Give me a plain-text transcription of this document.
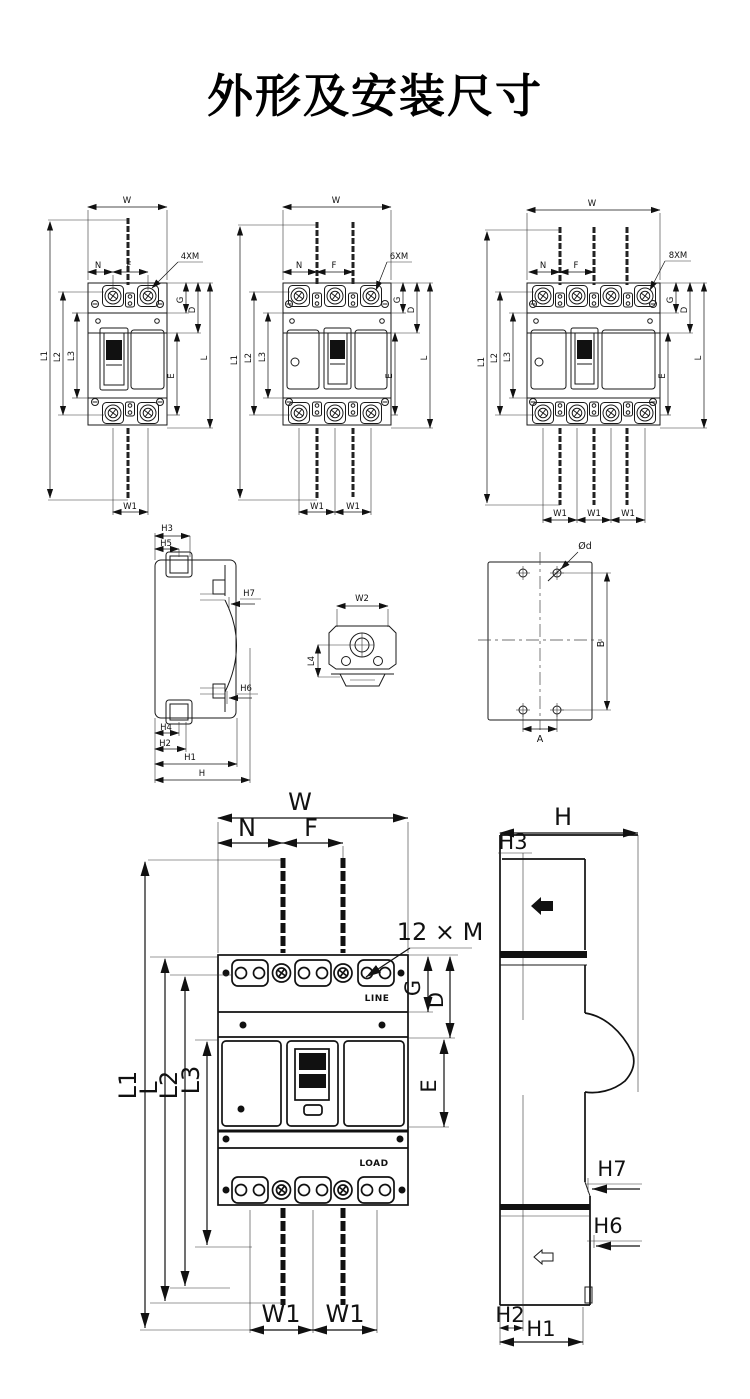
外形及安装尺寸
W
N	F
4XM
L1 L2 L3
G
D
E
L
W1
W
N	F
6XM
L1 L2 L3
G
D
E
L
W1	W1
W
N	F
8XM
L1 L2 L3
G
D
E
L
W1 W1 W1
H3
H5
H7
H6
H4
H2
H1
H
W2
L4
Ød
B
A
W
N F
12 × M
LINE
LOAD
G
D
E
L1
L
L2
L3
W1 W1
H
H3
H7
H6
H2
H1
